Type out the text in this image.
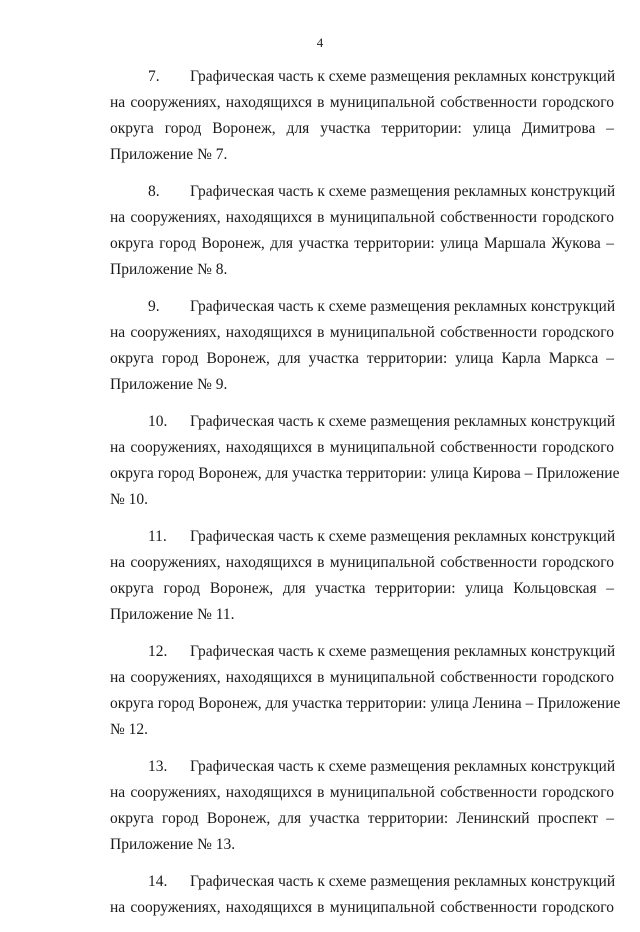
4
7. Графическая часть к схеме размещения рекламных конструкций
на сооружениях, находящихся в муниципальной собственности городского
округа город Воронеж, для участка территории: улица Димитрова –
Приложение № 7.
8. Графическая часть к схеме размещения рекламных конструкций
на сооружениях, находящихся в муниципальной собственности городского
округа город Воронеж, для участка территории: улица Маршала Жукова –
Приложение № 8.
9. Графическая часть к схеме размещения рекламных конструкций
на сооружениях, находящихся в муниципальной собственности городского
округа город Воронеж, для участка территории: улица Карла Маркса –
Приложение № 9.
10. Графическая часть к схеме размещения рекламных конструкций
на сооружениях, находящихся в муниципальной собственности городского
округа город Воронеж, для участка территории: улица Кирова – Приложение
№ 10.
11. Графическая часть к схеме размещения рекламных конструкций
на сооружениях, находящихся в муниципальной собственности городского
округа город Воронеж, для участка территории: улица Кольцовская –
Приложение № 11.
12. Графическая часть к схеме размещения рекламных конструкций
на сооружениях, находящихся в муниципальной собственности городского
округа город Воронеж, для участка территории: улица Ленина – Приложение
№ 12.
13. Графическая часть к схеме размещения рекламных конструкций
на сооружениях, находящихся в муниципальной собственности городского
округа город Воронеж, для участка территории: Ленинский проспект –
Приложение № 13.
14. Графическая часть к схеме размещения рекламных конструкций
на сооружениях, находящихся в муниципальной собственности городского
